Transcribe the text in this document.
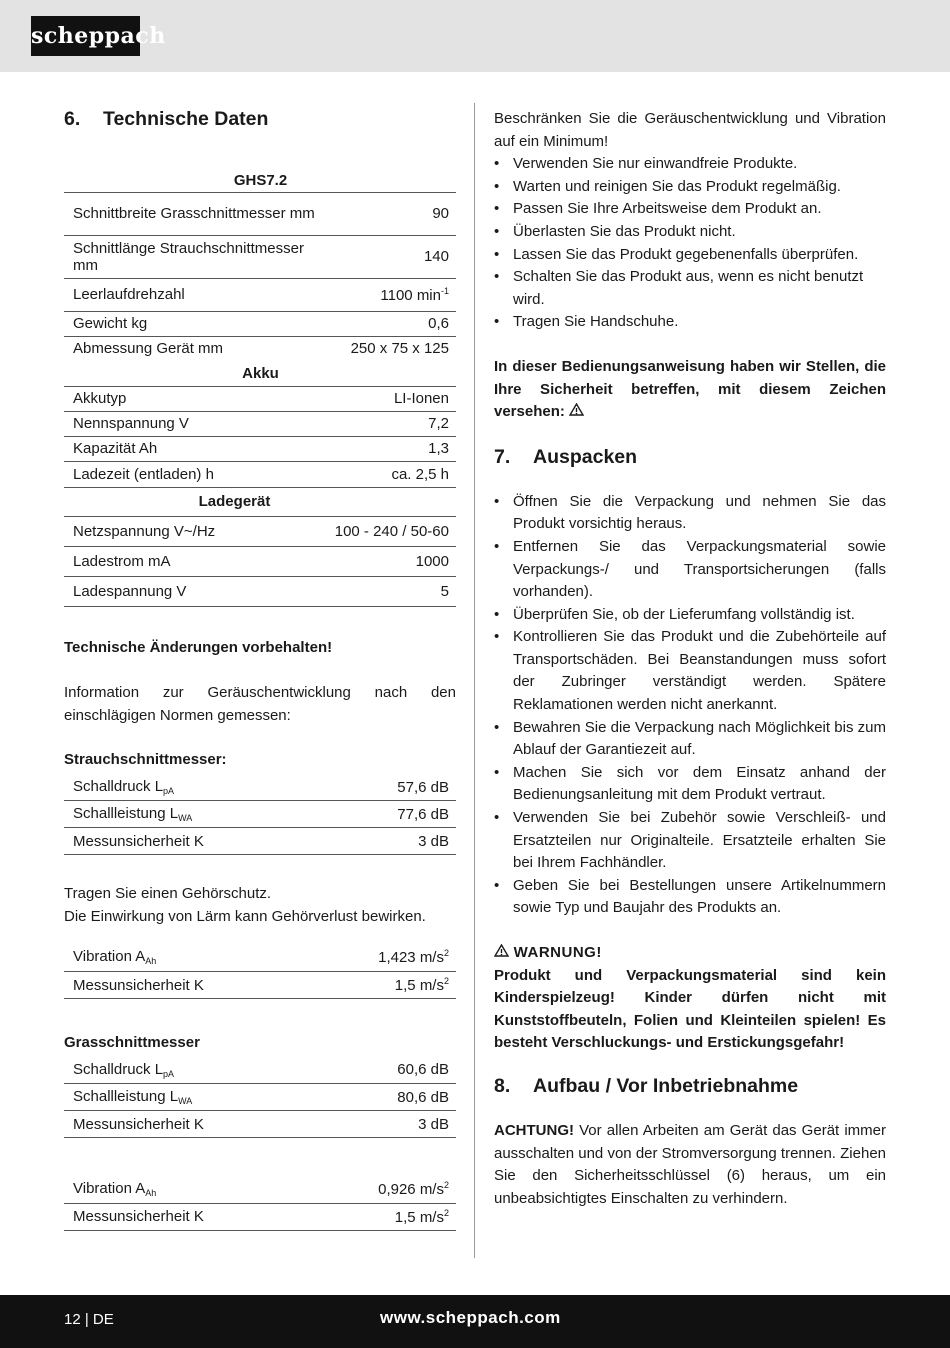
scheppach
6.	Technische Daten
GHS7.2	
Schnittbreite Grasschnittmesser mm	90
Schnittlänge Strauchschnittmesser mm	140
Leerlaufdrehzahl	1100 $\min^{-1}$
Gewicht kg	0,6
Abmessung Gerät mm	250 x 75 x 125
Akku	
Akkutyp	LI-Ionen
Nennspannung V	7,2
Kapazität Ah	1,3
Ladezeit (entladen) h	ca. 2,5 h
Ladegerät	
Netzspannung V~/Hz	100 - 240 / 50-60
Ladestrom mA	1000
Ladespannung V	5

Technische Änderungen vorbehalten!

Information zur Geräuschentwicklung nach den einschlägigen Normen gemessen:

Strauchschnittmesser:

Schalldruck $L_{pA}$	57,6 dB
Schallleistung $L_{WA}$	77,6 dB
Messunsicherheit K	3 dB

Tragen Sie einen Gehörschutz.

Die Einwirkung von Lärm kann Gehörverlust bewirken.

Vibration $A_{Ah}$	1,423 $m/s^2$
Messunsicherheit K	1,5 $m/s^2$

Grasschnittmesser

Schalldruck $L_{pA}$	60,6 dB
Schallleistung $L_{WA}$	80,6 dB
Messunsicherheit K	3 dB
Vibration $A_{Ah}$	0,926 $m/s^2$
Messunsicherheit K	1,5 $m/s^2$

Beschränken Sie die Geräuschentwicklung und Vibration auf ein Minimum!

• Verwenden Sie nur einwandfreie Produkte.
• Warten und reinigen Sie das Produkt regelmäßig.
• Passen Sie Ihre Arbeitsweise dem Produkt an.
• Überlasten Sie das Produkt nicht.
• Lassen Sie das Produkt gegebenenfalls überprüfen.
• Schalten Sie das Produkt aus, wenn es nicht benutzt wird.
• Tragen Sie Handschuhe.

In dieser Bedienungsanweisung haben wir Stellen, die Ihre Sicherheit betreffen, mit diesem Zeichen versehen:

7.	Auspacken
• Öffnen Sie die Verpackung und nehmen Sie das Produkt vorsichtig heraus.
• Entfernen Sie das Verpackungsmaterial sowie Verpackungs-/ und Transportsicherungen (falls vorhanden).
• Überprüfen Sie, ob der Lieferumfang vollständig ist.
• Kontrollieren Sie das Produkt und die Zubehörteile auf Transportschäden. Bei Beanstandungen muss sofort der Zubringer verständigt werden. Spätere Reklamationen werden nicht anerkannt.
• Bewahren Sie die Verpackung nach Möglichkeit bis zum Ablauf der Garantiezeit auf.
• Machen Sie sich vor dem Einsatz anhand der Bedienungsanleitung mit dem Produkt vertraut.
• Verwenden Sie bei Zubehör sowie Verschleiß- und Ersatzteilen nur Originalteile. Ersatzteile erhalten Sie bei Ihrem Fachhändler.
• Geben Sie bei Bestellungen unsere Artikelnummern sowie Typ und Baujahr des Produkts an.

WARNUNG!

Produkt und Verpackungsmaterial sind kein Kinderspielzeug! Kinder dürfen nicht mit Kunststoffbeuteln, Folien und Kleinteilen spielen! Es besteht Verschluckungs- und Erstickungsgefahr!

8.	Aufbau / Vor Inbetriebnahme

ACHTUNG! Vor allen Arbeiten am Gerät das Gerät immer ausschalten und von der Stromversorgung trennen. Ziehen Sie den Sicherheitsschlüssel (6) heraus, um ein unbeabsichtigtes Einschalten zu verhindern.

12 | DE	www.scheppach.com
